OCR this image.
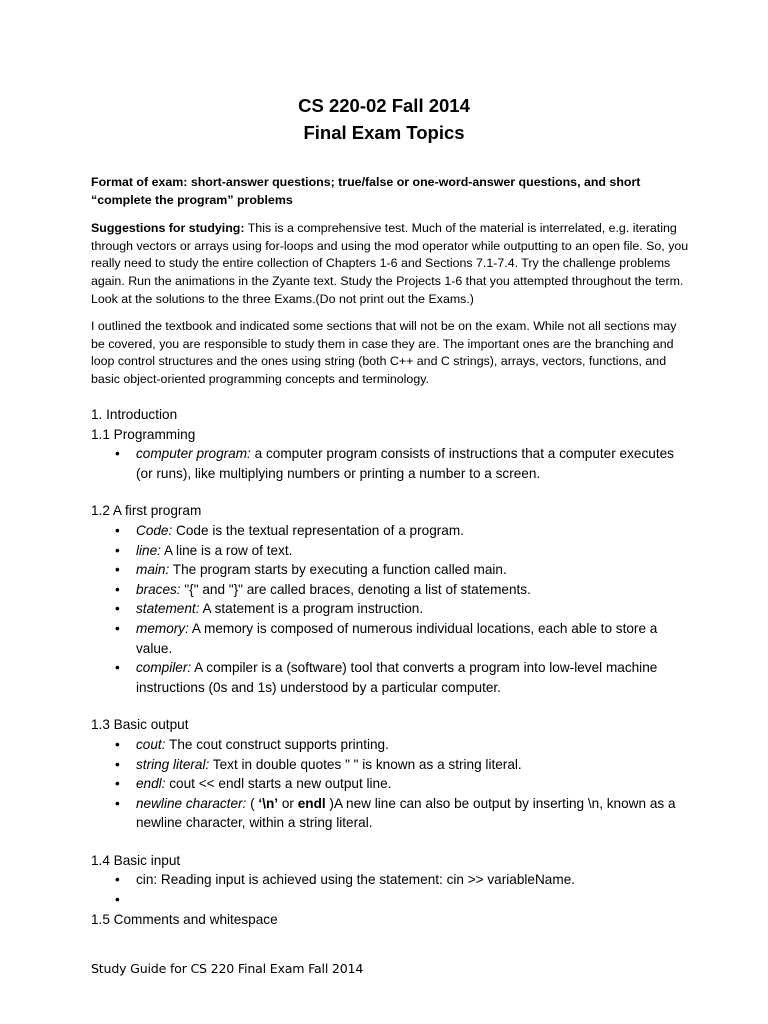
CS 220-02 Fall 2014
Final Exam Topics
Format of exam: short-answer questions; true/false or one-word-answer questions, and short “complete the program” problems
Suggestions for studying: This is a comprehensive test. Much of the material is interrelated, e.g. iterating through vectors or arrays using for-loops and using the mod operator while outputting to an open file. So, you really need to study the entire collection of Chapters 1-6 and Sections 7.1-7.4. Try the challenge problems again. Run the animations in the Zyante text. Study the Projects 1-6 that you attempted throughout the term. Look at the solutions to the three Exams.(Do not print out the Exams.)
I outlined the textbook and indicated some sections that will not be on the exam. While not all sections may be covered, you are responsible to study them in case they are. The important ones are the branching and loop control structures and the ones using string (both C++ and C strings), arrays, vectors, functions, and basic object-oriented programming concepts and terminology.
1. Introduction
1.1 Programming
• computer program: a computer program consists of instructions that a computer executes (or runs), like multiplying numbers or printing a number to a screen.
1.2 A first program
• Code: Code is the textual representation of a program.
• line: A line is a row of text.
• main: The program starts by executing a function called main.
• braces: "{" and "}" are called braces, denoting a list of statements.
• statement: A statement is a program instruction.
• memory: A memory is composed of numerous individual locations, each able to store a value.
• compiler: A compiler is a (software) tool that converts a program into low-level machine instructions (0s and 1s) understood by a particular computer.
1.3 Basic output
• cout: The cout construct supports printing.
• string literal: Text in double quotes " " is known as a string literal.
• endl: cout << endl starts a new output line.
• newline character: ( ‘\n’ or endl )A new line can also be output by inserting \n, known as a newline character, within a string literal.
1.4 Basic input
• cin: Reading input is achieved using the statement: cin >> variableName.
•

1.5 Comments and whitespace
Study Guide for CS 220 Final Exam Fall 2014
